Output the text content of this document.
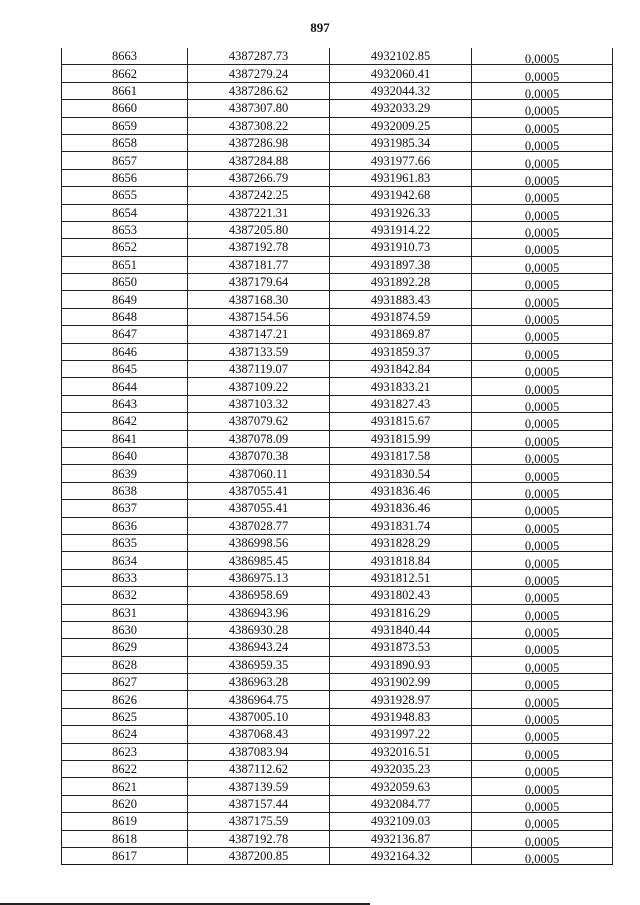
897
8663	4387287.73	4932102.85	0,0005
8662	4387279.24	4932060.41	0,0005
8661	4387286.62	4932044.32	0,0005
8660	4387307.80	4932033.29	0,0005
8659	4387308.22	4932009.25	0,0005
8658	4387286.98	4931985.34	0,0005
8657	4387284.88	4931977.66	0,0005
8656	4387266.79	4931961.83	0,0005
8655	4387242.25	4931942.68	0,0005
8654	4387221.31	4931926.33	0,0005
8653	4387205.80	4931914.22	0,0005
8652	4387192.78	4931910.73	0,0005
8651	4387181.77	4931897.38	0,0005
8650	4387179.64	4931892.28	0,0005
8649	4387168.30	4931883.43	0,0005
8648	4387154.56	4931874.59	0,0005
8647	4387147.21	4931869.87	0,0005
8646	4387133.59	4931859.37	0,0005
8645	4387119.07	4931842.84	0,0005
8644	4387109.22	4931833.21	0,0005
8643	4387103.32	4931827.43	0,0005
8642	4387079.62	4931815.67	0,0005
8641	4387078.09	4931815.99	0,0005
8640	4387070.38	4931817.58	0,0005
8639	4387060.11	4931830.54	0,0005
8638	4387055.41	4931836.46	0,0005
8637	4387055.41	4931836.46	0,0005
8636	4387028.77	4931831.74	0,0005
8635	4386998.56	4931828.29	0,0005
8634	4386985.45	4931818.84	0,0005
8633	4386975.13	4931812.51	0,0005
8632	4386958.69	4931802.43	0,0005
8631	4386943.96	4931816.29	0,0005
8630	4386930.28	4931840.44	0,0005
8629	4386943.24	4931873.53	0,0005
8628	4386959.35	4931890.93	0,0005
8627	4386963.28	4931902.99	0,0005
8626	4386964.75	4931928.97	0,0005
8625	4387005.10	4931948.83	0,0005
8624	4387068.43	4931997.22	0,0005
8623	4387083.94	4932016.51	0,0005
8622	4387112.62	4932035.23	0,0005
8621	4387139.59	4932059.63	0,0005
8620	4387157.44	4932084.77	0,0005
8619	4387175.59	4932109.03	0,0005
8618	4387192.78	4932136.87	0,0005
8617	4387200.85	4932164.32	0,0005
